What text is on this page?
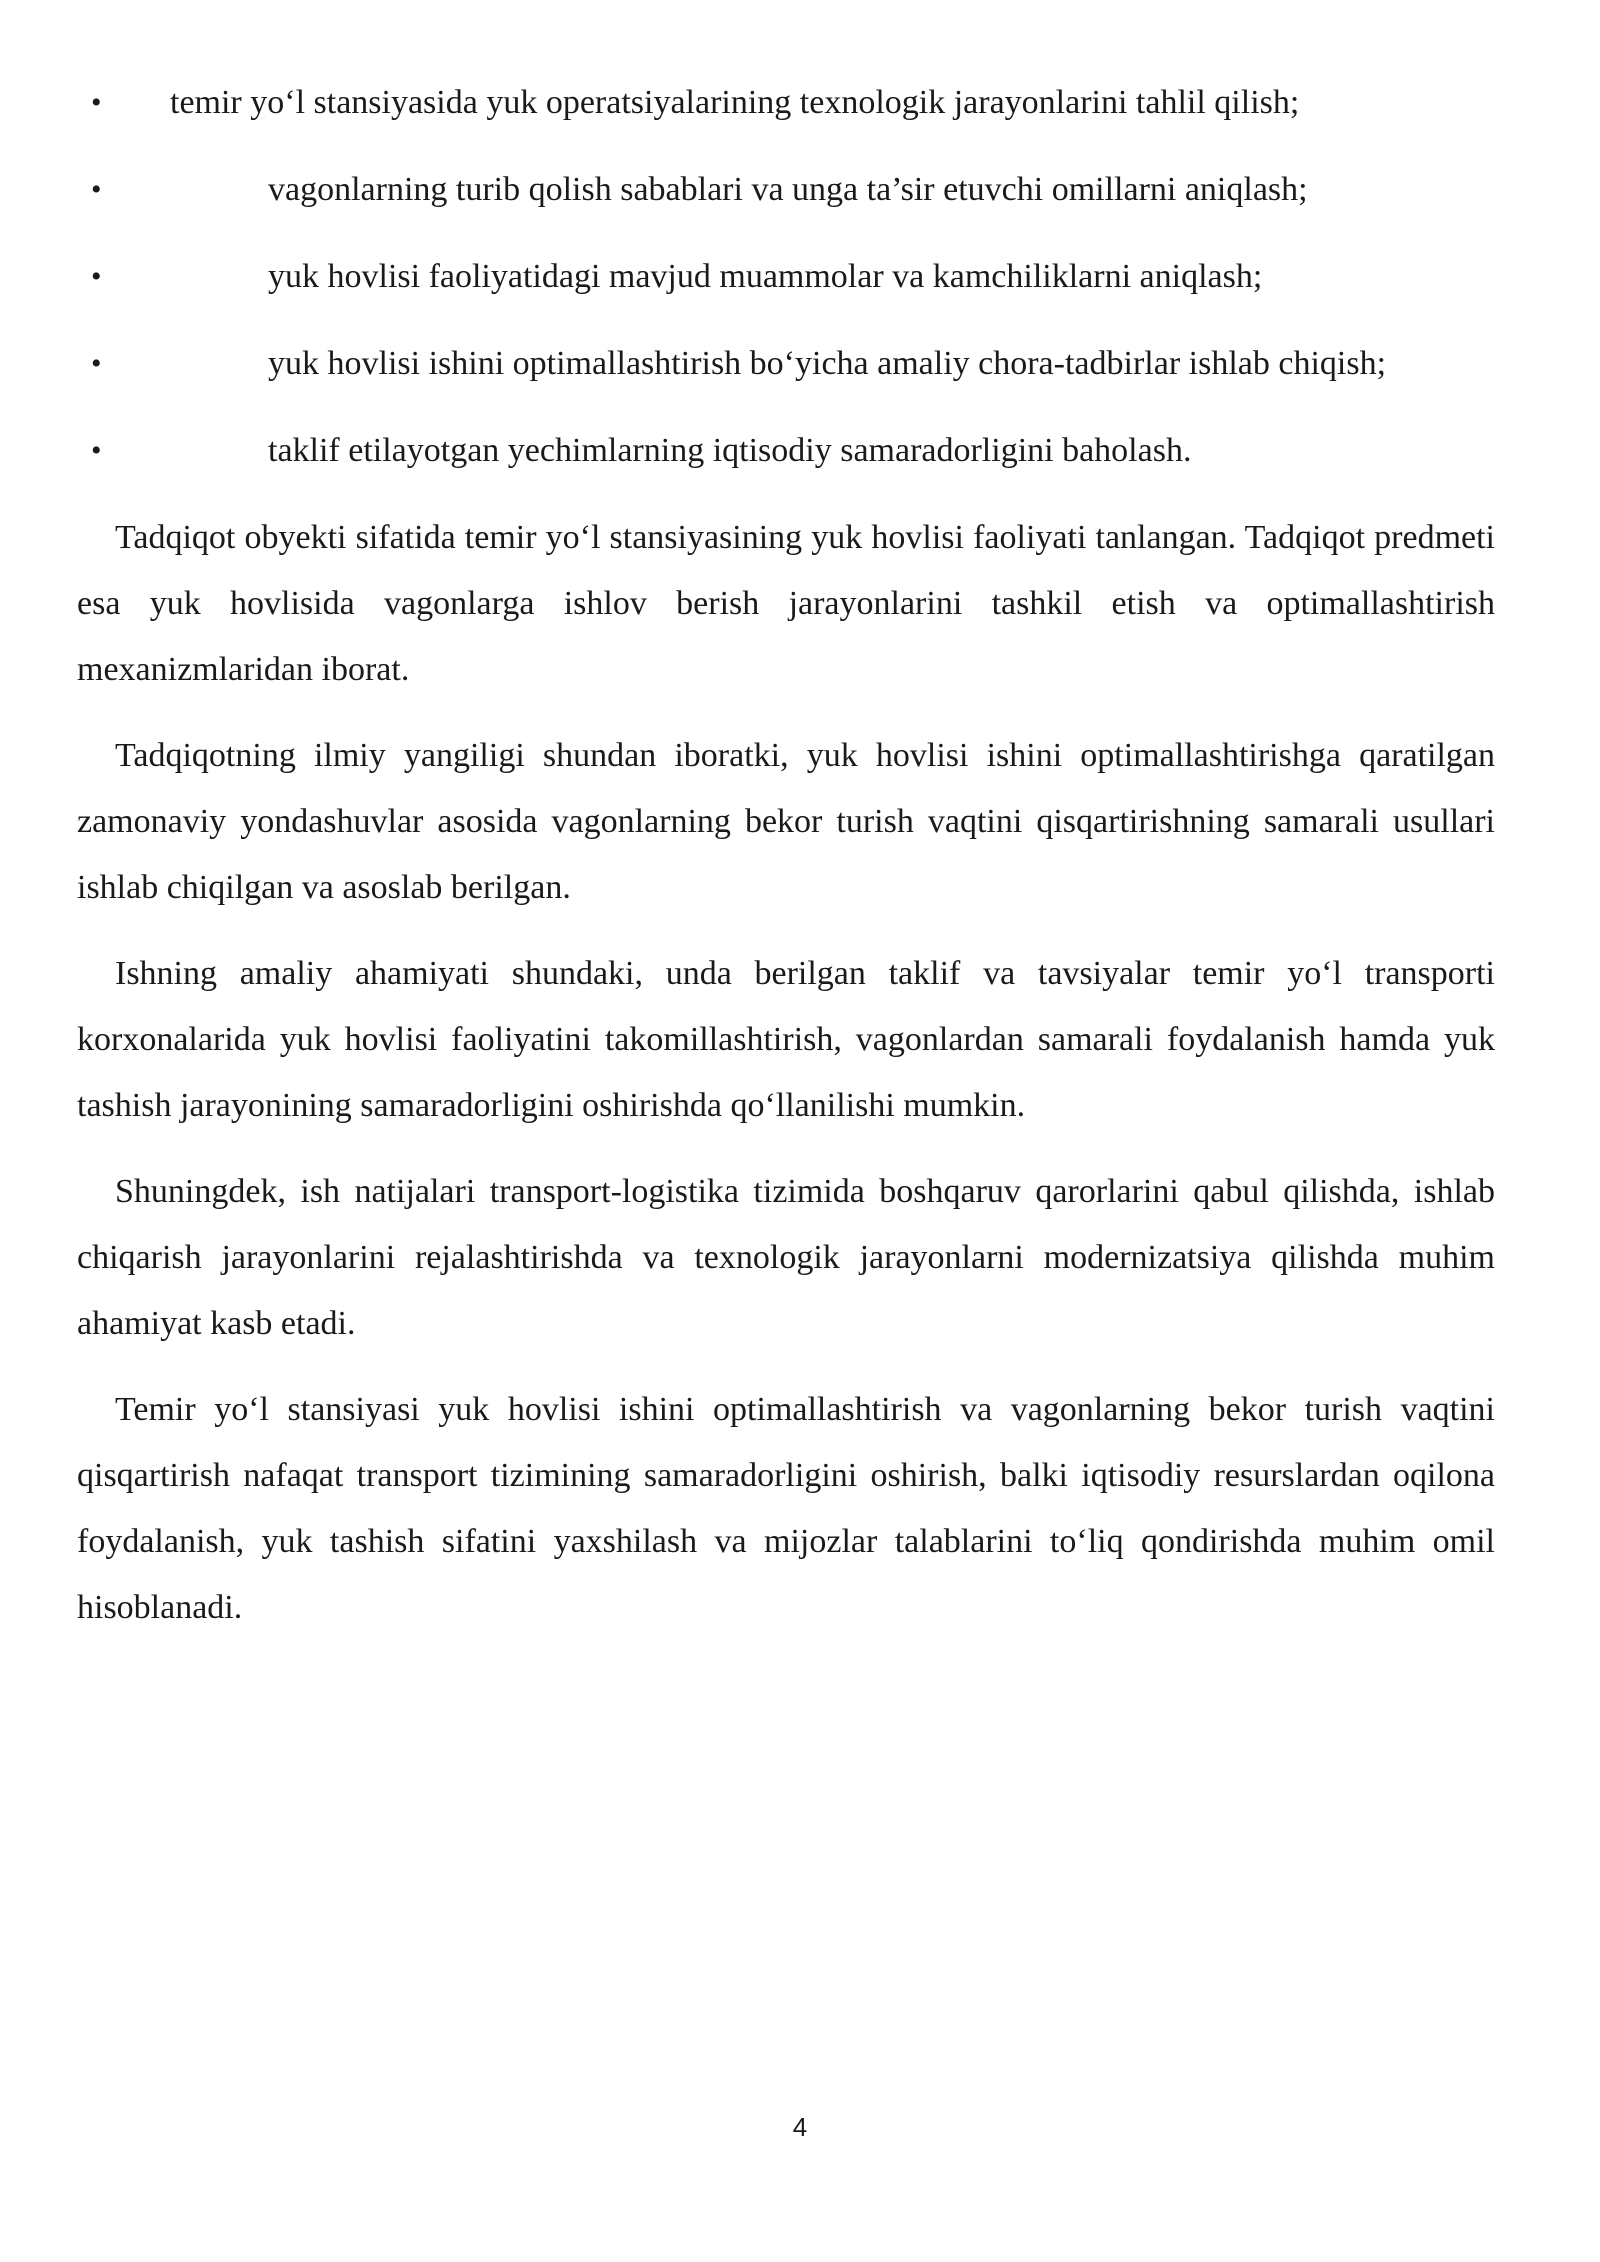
• temir yo‘l stansiyasida yuk operatsiyalarining texnologik jarayonlarini tahlil qilish;
•	vagonlarning turib qolish sabablari va unga ta’sir etuvchi omillarni aniqlash;
•	yuk hovlisi faoliyatidagi mavjud muammolar va kamchiliklarni aniqlash;
•	yuk hovlisi ishini optimallashtirish bo‘yicha amaliy chora-tadbirlar ishlab chiqish;
•	taklif etilayotgan yechimlarning iqtisodiy samaradorligini baholash.

Tadqiqot obyekti sifatida temir yo‘l stansiyasining yuk hovlisi faoliyati tanlangan. Tadqiqot predmeti esa yuk hovlisida vagonlarga ishlov berish jarayonlarini tashkil etish va optimallashtirish mexanizmlaridan iborat.

Tadqiqotning ilmiy yangiligi shundan iboratki, yuk hovlisi ishini optimallashtirishga qaratilgan zamonaviy yondashuvlar asosida vagonlarning bekor turish vaqtini qisqartirishning samarali usullari ishlab chiqilgan va asoslab berilgan.

Ishning amaliy ahamiyati shundaki, unda berilgan taklif va tavsiyalar temir yo‘l transporti korxonalarida yuk hovlisi faoliyatini takomillashtirish, vagonlardan samarali foydalanish hamda yuk tashish jarayonining samaradorligini oshirishda qo‘llanilishi mumkin.

Shuningdek, ish natijalari transport-logistika tizimida boshqaruv qarorlarini qabul qilishda, ishlab chiqarish jarayonlarini rejalashtirishda va texnologik jarayonlarni modernizatsiya qilishda muhim ahamiyat kasb etadi.

Temir yo‘l stansiyasi yuk hovlisi ishini optimallashtirish va vagonlarning bekor turish vaqtini qisqartirish nafaqat transport tizimining samaradorligini oshirish, balki iqtisodiy resurslardan oqilona foydalanish, yuk tashish sifatini yaxshilash va mijozlar talablarini to‘liq qondirishda muhim omil hisoblanadi.

4
